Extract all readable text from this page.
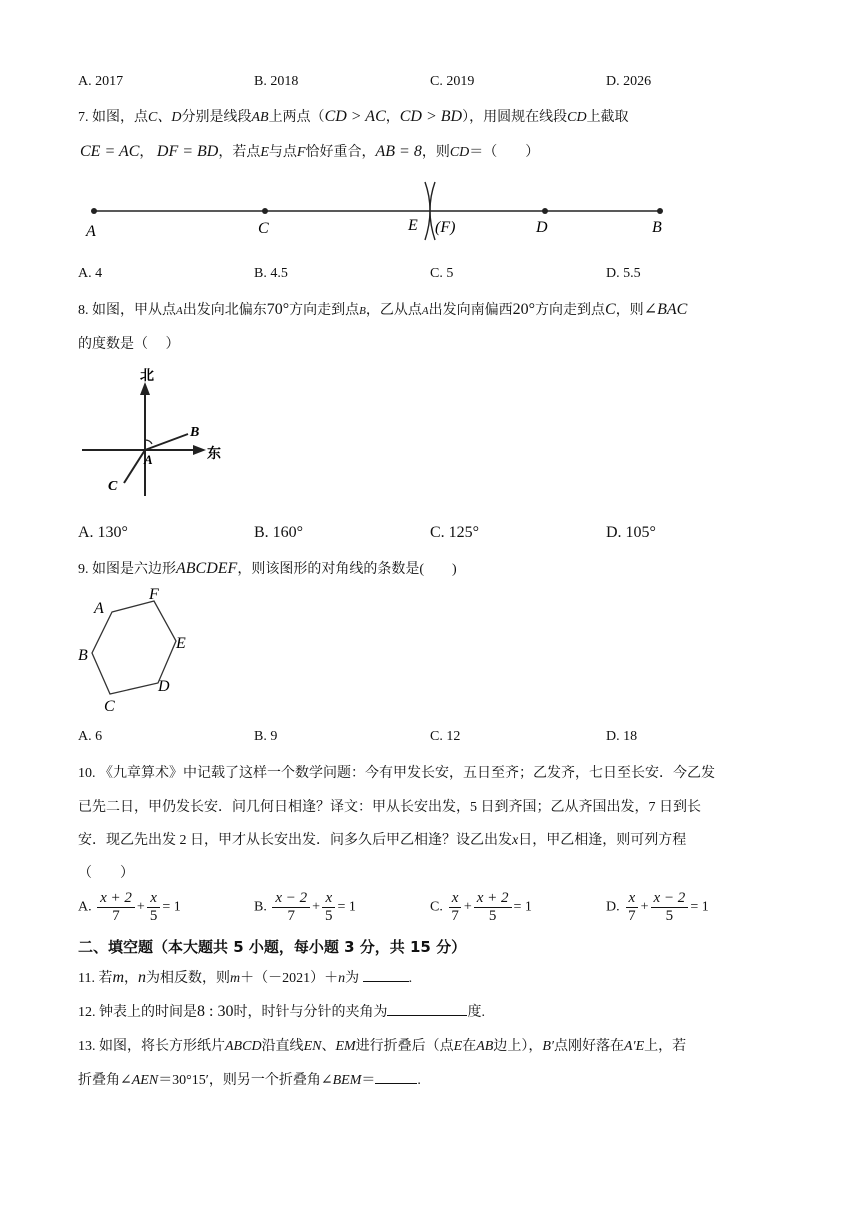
A. 2017	B. 2018	C. 2019	D. 2026
7. 如图，点C、D分别是线段AB上两点（CD > AC，CD > BD），用圆规在线段CD上截取
CE = AC， DF = BD，若点E与点F恰好重合，AB = 8，则CD＝（　　）
A	C	E (F)	D	B
A. 4	B. 4.5	C. 5	D. 5.5
8. 如图，甲从点A出发向北偏东70°方向走到点B，乙从点A出发向南偏西20°方向走到点C，则∠BAC
的度数是（　 ）
北
东
A
B
C
A. 130°	B. 160°	C. 125°	D. 105°
9. 如图是六边形ABCDEF，则该图形的对角线的条数是(　　)
A
F
E
D
C
B
A. 6	B. 9	C. 12	D. 18
10. 《九章算术》中记载了这样一个数学问题：今有甲发长安，五日至齐；乙发齐，七日至长安．今乙发
已先二日，甲仍发长安．问几何日相逢？译文：甲从长安出发，5 日到齐国；乙从齐国出发，7 日到长
安．现乙先出发 2 日，甲才从长安出发．问多久后甲乙相逢？设乙出发x日，甲乙相逢，则可列方程
（　　）
A. $\frac{x + 2}{7} + \frac{x}{5} = 1$	B. $\frac{x - 2}{7} + \frac{x}{5} = 1$	C. $\frac{x}{7} + \frac{x + 2}{5} = 1$	D. $\frac{x}{7} + \frac{x - 2}{5} = 1$
二、填空题（本大题共 5 小题，每小题 3 分，共 15 分）
11. 若m，n为相反数，则m＋（－2021）＋n为	.
12. 钟表上的时间是8 : 30时，时针与分针的夹角为	度.
13. 如图，将长方形纸片ABCD沿直线EN、EM进行折叠后（点E在AB边上），B′点刚好落在A′E上，若
折叠角∠AEN＝30°15′，则另一个折叠角∠BEM＝	.
